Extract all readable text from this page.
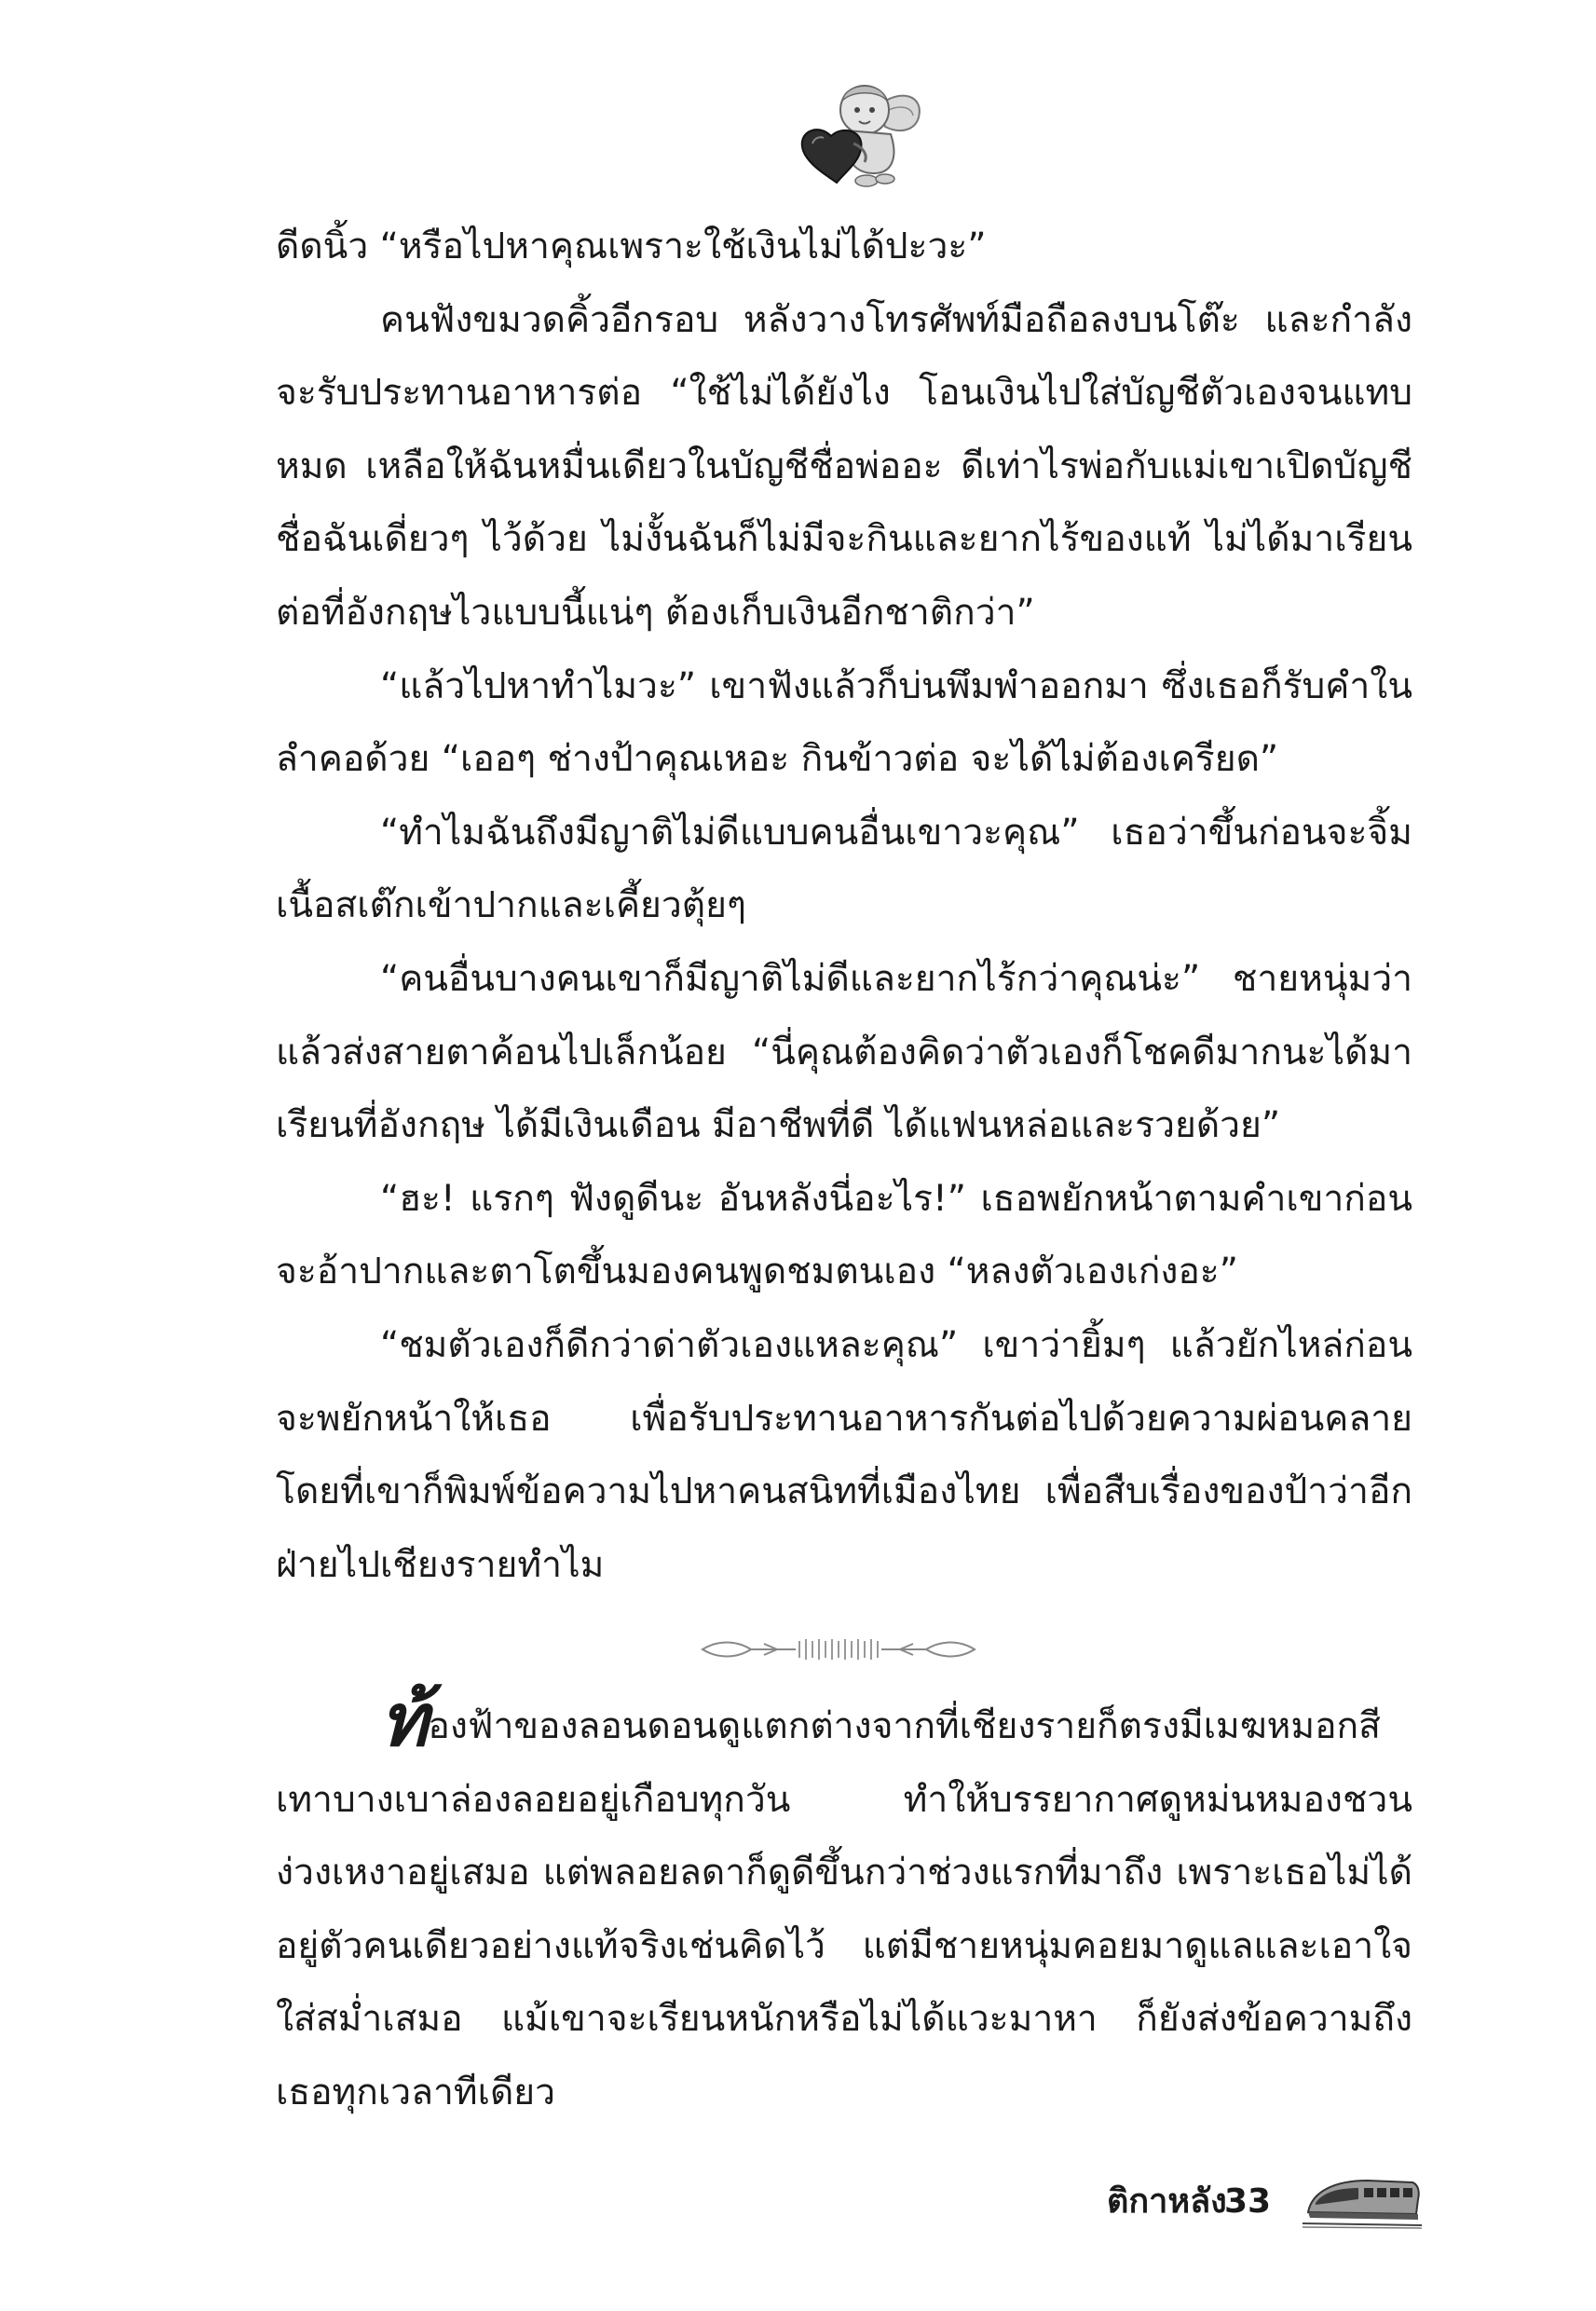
ดีดนิ้ว “หรือไปหาคุณเพราะใช้เงินไม่ได้ปะวะ”

คนฟังขมวดคิ้วอีกรอบ หลังวางโทรศัพท์มือถือลงบนโต๊ะ และกำลังจะรับประทานอาหารต่อ “ใช้ไม่ได้ยังไง โอนเงินไปใส่บัญชีตัวเองจนแทบหมด เหลือให้ฉันหมื่นเดียวในบัญชีชื่อพ่ออะ ดีเท่าไรพ่อกับแม่เขาเปิดบัญชีชื่อฉันเดี่ยวๆ ไว้ด้วย ไม่งั้นฉันก็ไม่มีจะกินและยากไร้ของแท้ ไม่ได้มาเรียนต่อที่อังกฤษไวแบบนี้แน่ๆ ต้องเก็บเงินอีกชาติกว่า”

“แล้วไปหาทำไมวะ” เขาฟังแล้วก็บ่นพึมพำออกมา ซึ่งเธอก็รับคำในลำคอด้วย “เออๆ ช่างป้าคุณเหอะ กินข้าวต่อ จะได้ไม่ต้องเครียด”

“ทำไมฉันถึงมีญาติไม่ดีแบบคนอื่นเขาวะคุณ” เธอว่าขึ้นก่อนจะจิ้มเนื้อสเต๊กเข้าปากและเคี้ยวตุ้ยๆ

“คนอื่นบางคนเขาก็มีญาติไม่ดีและยากไร้กว่าคุณน่ะ” ชายหนุ่มว่าแล้วส่งสายตาค้อนไปเล็กน้อย “นี่คุณต้องคิดว่าตัวเองก็โชคดีมากนะได้มาเรียนที่อังกฤษ ได้มีเงินเดือน มีอาชีพที่ดี ได้แฟนหล่อและรวยด้วย”

“ฮะ! แรกๆ ฟังดูดีนะ อันหลังนี่อะไร!” เธอพยักหน้าตามคำเขาก่อนจะอ้าปากและตาโตขึ้นมองคนพูดชมตนเอง “หลงตัวเองเก่งอะ”

“ชมตัวเองก็ดีกว่าด่าตัวเองแหละคุณ” เขาว่ายิ้มๆ แล้วยักไหล่ก่อนจะพยักหน้าให้เธอ เพื่อรับประทานอาหารกันต่อไปด้วยความผ่อนคลาย โดยที่เขาก็พิมพ์ข้อความไปหาคนสนิทที่เมืองไทย เพื่อสืบเรื่องของป้าว่าอีกฝ่ายไปเชียงรายทำไม

ท้องฟ้าของลอนดอนดูแตกต่างจากที่เชียงรายก็ตรงมีเมฆหมอกสีเทาบางเบาล่องลอยอยู่เกือบทุกวัน ทำให้บรรยากาศดูหม่นหมองชวนง่วงเหงาอยู่เสมอ แต่พลอยลดาก็ดูดีขึ้นกว่าช่วงแรกที่มาถึง เพราะเธอไม่ได้อยู่ตัวคนเดียวอย่างแท้จริงเช่นคิดไว้ แต่มีชายหนุ่มคอยมาดูแลและเอาใจใส่สม่ำเสมอ แม้เขาจะเรียนหนักหรือไม่ได้แวะมาหา ก็ยังส่งข้อความถึงเธอทุกเวลาทีเดียว

ติกาหลัง
33
